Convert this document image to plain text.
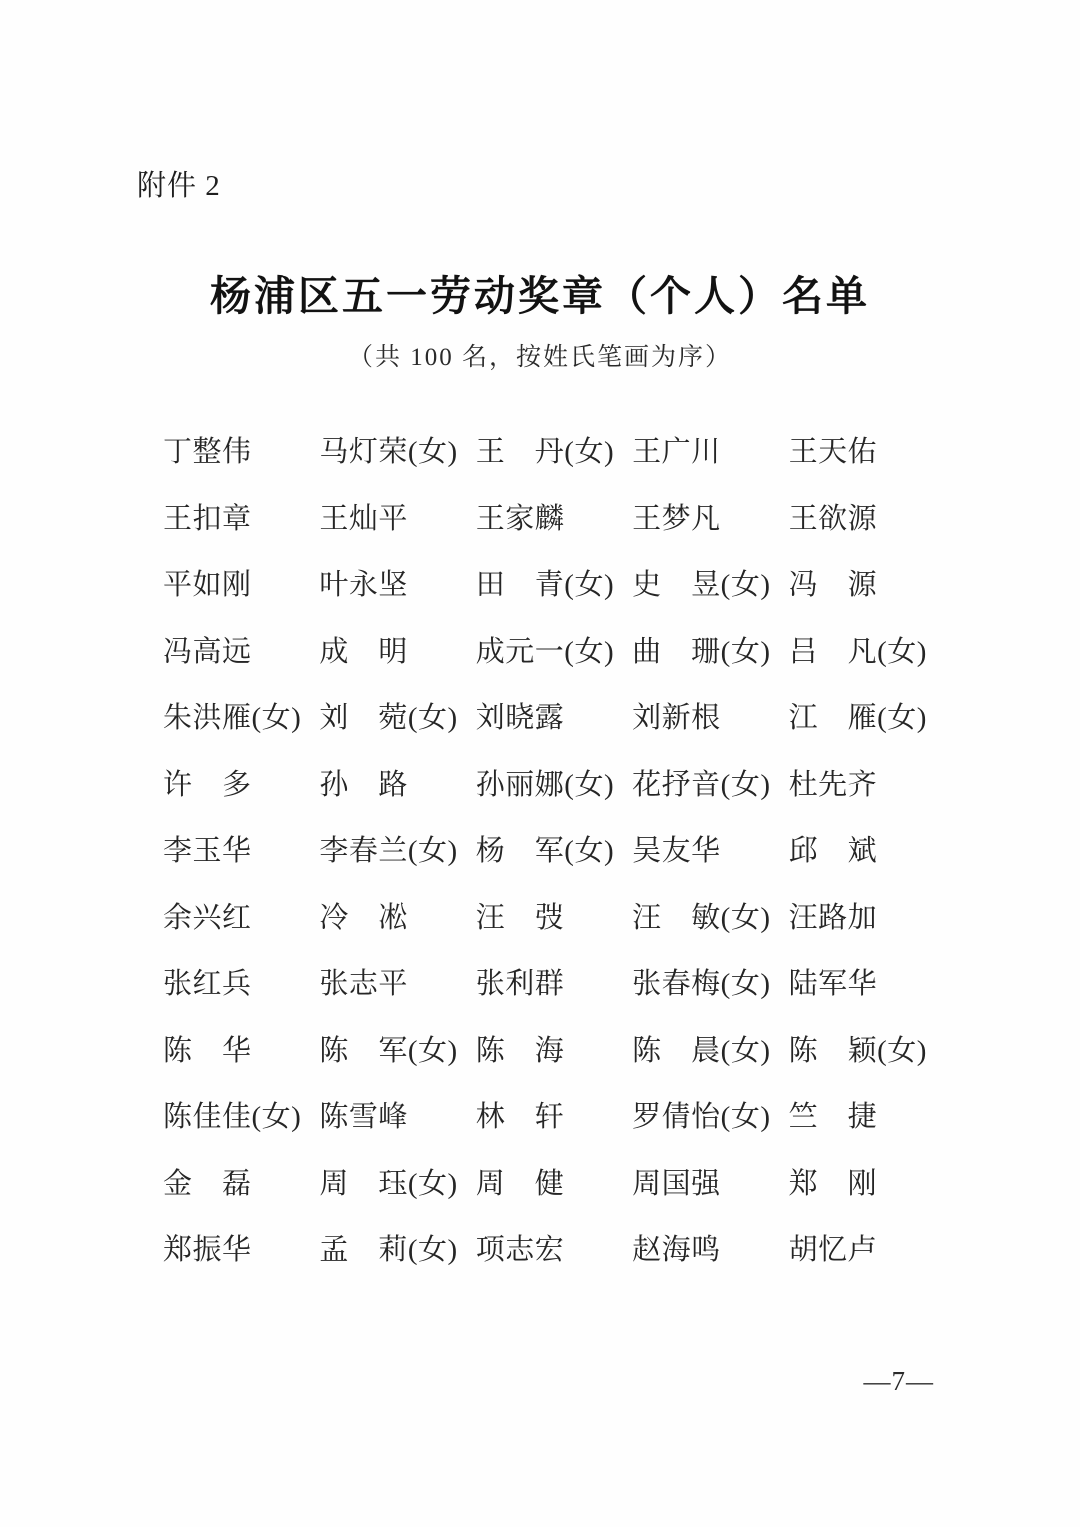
附件 2
杨浦区五一劳动奖章（个人）名单
（共 100 名，按姓氏笔画为序）
丁整伟	马灯荣(女) 王　丹(女) 王广川	王天佑
王扣章	王灿平	王家麟	王梦凡	王欲源
平如刚	叶永坚	田　青(女) 史　昱(女) 冯　源
冯高远	成　明	成元一(女) 曲　珊(女) 吕　凡(女)
朱洪雁(女) 刘　菀(女) 刘晓露	刘新根	江　雁(女)
许　多	孙　路	孙丽娜(女) 花抒音(女) 杜先齐
李玉华	李春兰(女) 杨　军(女) 吴友华	邱　斌
余兴红	冷　凇	汪　弢	汪　敏(女) 汪路加
张红兵	张志平	张利群	张春梅(女) 陆军华
陈　华	陈　军(女) 陈　海	陈　晨(女) 陈　颖(女)
陈佳佳(女) 陈雪峰	林　轩	罗倩怡(女) 竺　捷
金　磊	周　珏(女) 周　健	周国强	郑　刚
郑振华	孟　莉(女) 项志宏	赵海鸣	胡忆卢
—7—
